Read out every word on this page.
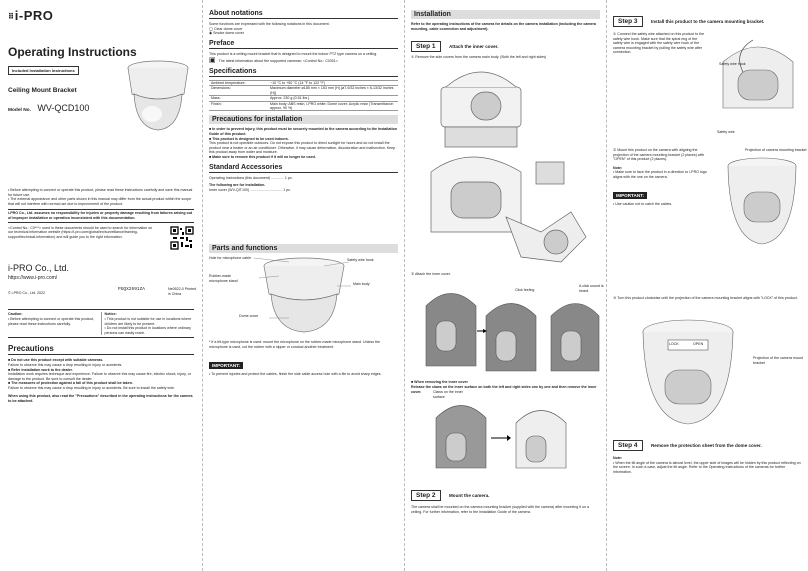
⠿i-PRO
Operating Instructions
Included Installation Instructions
Ceiling Mount Bracket
Model No. WV-QCD100
• Before attempting to connect or operate this product, please read these instructions carefully and save this manual for future use.
• The external appearance and other parts shown in this manual may differ from the actual product within the scope that will not interfere with normal use due to improvement of the product.
i-PRO Co., Ltd. assumes no responsibility for injuries or property damage resulting from failures arising out of improper installation or operation inconsistent with this documentation.
<Control No.: C0***> used in these documents should be used to search for information on our technical information website (https://i-pro.com/global/en/surveillance/training-support/technical-information) and will guide you to the right information.
i-PRO Co., Ltd.
https://www.i-pro.com/
© i-PRO Co., Ltd. 2022
PGQX2691ZA	Ne0522-0 Printed in China
Caution:
• Before attempting to connect or operate this product, please read these instructions carefully.
Notice:
• This product is not suitable for use in locations where children are likely to be present.
• Do not install this product in locations where ordinary persons can easily reach.
Precautions
■ Do not use this product except with suitable cameras.
Failure to observe this may cause a drop resulting in injury or accidents.
■ Refer installation work to the dealer.
Installation work requires technique and experience. Failure to observe this may cause fire, electric shock, injury, or damage to the product. Be sure to consult the dealer.
■ The measures of protection against a fall of this product shall be taken.
Failure to observe this may cause a drop resulting in injury or accidents. Be sure to install the safety wire.
When using this product, also read the "Precautions" described in the operating instructions for the camera to be attached.
About notations
Some functions are expressed with the following notations in this document.
◯ Clear dome cover
◉ Smoke dome cover
Preface
This product is a ceiling mount bracket that is designed to mount the indoor PTZ type camera on a ceiling.
▣ The latest information about the supported cameras: <Control No.: C0301>
Specifications
Ambient temperature:	−10 °C to +50 °C (14 °F to 122 °F)
Dimensions:	Maximum diameter ø185 mm × 153 mm (H) {ø7-9/32 inches × 6-13/32 inches (H)}
Mass:	Approx. 230 g {0.51 lbs.}
Finish:	Main body: ABS resin, i-PRO white; Dome cover: Acrylic resin (Transmittance: approx. 90 %)
Precautions for installation
■ In order to prevent injury, this product must be securely mounted to the camera according to the Installation Guide of this product.
■ This product is designed to be used indoors.
This product is not operable outdoors. Do not expose this product to direct sunlight for hours and do not install the product near a heater or an air conditioner. Otherwise, it may cause deformation, discoloration and malfunction. Keep this product away from water and moisture.
■ Make sure to remove this product if it will no longer be used.
Standard Accessories
Operating Instructions (this document) ............. 1 pc.
The following are for installation.
Inner cover (WV-QIT100) ................................ 1 pc.
Parts and functions
Hole for microphone cable
Rubber-made microphone stand
Safety wire hook
Dome cover
Main body
* If a tilt-type microphone is used: mount the microphone on the rubber-made microphone stand. Unless the microphone is used, cut the rubber with a nipper or conduct another treatment.
IMPORTANT:
• To prevent injuries and protect the cables, finish the side cable access hole with a file to avoid sharp edges.
Installation
Refer to the operating instructions of the camera for details on the camera installation (including the camera mounting, cable connection and adjustment).
Step 1	Attach the inner cover.
① Remove the side covers from the camera main body. (Both the left and right sides)
② Attach the inner cover.
Click feeling
A click sound is heard.
■ When removing the inner cover
Release the claws on the inner surface on both the left and right sides one by one and then remove the inner cover.	Claws on the inner surface
Step 2	Mount the camera.
The camera shall be mounted on the camera mounting bracket (supplied with the camera) after mounting it on a ceiling. For further information, refer to the Installation Guide of the camera.
Step 3	Install this product to the camera mounting bracket.
① Connect the safety wire attached on this product to the safety wire hook. Make sure that the spiral ring of the safety wire is engaged with the safety wire hook of the camera mounting bracket by pulling the safety wire after connection.
Safety wire hook
Safety wire
② Mount this product on the camera with aligning the projection of the camera mounting bracket (2 places) with "OPEN" of this product (2 places).
Note:
• Make sure to face the product in a direction to i-PRO logo aligns with the one on the camera.
IMPORTANT:
• Use caution not to catch the cables.
Projection of camera mounting bracket
③ Turn this product clockwise until the projection of the camera mounting bracket aligns with "LOCK" of this product.
LOCK	OPEN
Projection of the camera mount bracket
Step 4	Remove the protection sheet from the dome cover.
Note:
• When the tilt angle of the camera is almost level, the upper side of images will be hidden by this product reflecting on the screen. In such a case, adjust the tilt angle. Refer to the Operating Instructions of the cameras for further information.
